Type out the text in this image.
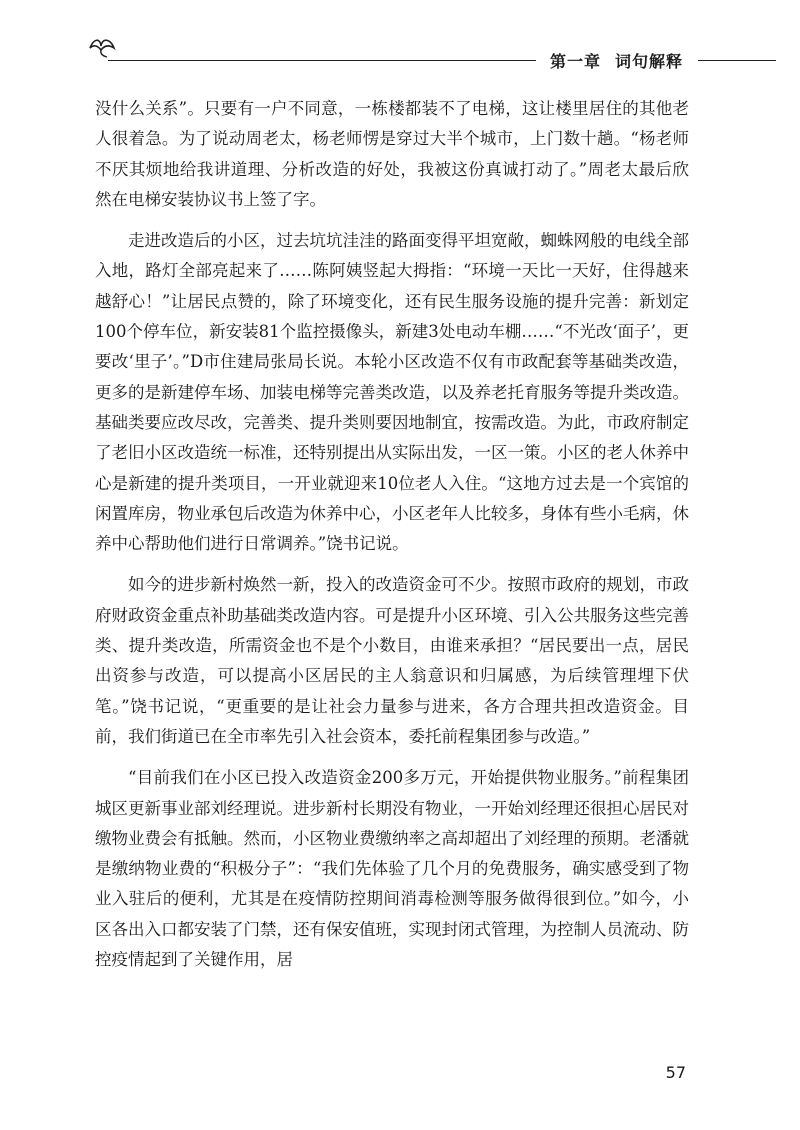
第一章 词句解释

没什么关系”。只要有一户不同意，一栋楼都装不了电梯，这让楼里居住的其他老人很着急。为了说动周老太，杨老师愣是穿过大半个城市，上门数十趟。“杨老师不厌其烦地给我讲道理、分析改造的好处，我被这份真诚打动了。”周老太最后欣然在电梯安装协议书上签了字。

走进改造后的小区，过去坑坑洼洼的路面变得平坦宽敞，蜘蛛网般的电线全部入地，路灯全部亮起来了……陈阿姨竖起大拇指：“环境一天比一天好，住得越来越舒心！”让居民点赞的，除了环境变化，还有民生服务设施的提升完善：新划定100个停车位，新安装81个监控摄像头，新建3处电动车棚……“不光改‘面子’，更要改‘里子’。”D市住建局张局长说。本轮小区改造不仅有市政配套等基础类改造，更多的是新建停车场、加装电梯等完善类改造，以及养老托育服务等提升类改造。基础类要应改尽改，完善类、提升类则要因地制宜，按需改造。为此，市政府制定了老旧小区改造统一标准，还特别提出从实际出发，一区一策。小区的老人休养中心是新建的提升类项目，一开业就迎来10位老人入住。“这地方过去是一个宾馆的闲置库房，物业承包后改造为休养中心，小区老年人比较多，身体有些小毛病，休养中心帮助他们进行日常调养。”饶书记说。

如今的进步新村焕然一新，投入的改造资金可不少。按照市政府的规划，市政府财政资金重点补助基础类改造内容。可是提升小区环境、引入公共服务这些完善类、提升类改造，所需资金也不是个小数目，由谁来承担？“居民要出一点，居民出资参与改造，可以提高小区居民的主人翁意识和归属感，为后续管理埋下伏笔。”饶书记说，“更重要的是让社会力量参与进来，各方合理共担改造资金。目前，我们街道已在全市率先引入社会资本，委托前程集团参与改造。”

“目前我们在小区已投入改造资金200多万元，开始提供物业服务。”前程集团城区更新事业部刘经理说。进步新村长期没有物业，一开始刘经理还很担心居民对缴物业费会有抵触。然而，小区物业费缴纳率之高却超出了刘经理的预期。老潘就是缴纳物业费的“积极分子”：“我们先体验了几个月的免费服务，确实感受到了物业入驻后的便利，尤其是在疫情防控期间消毒检测等服务做得很到位。”如今，小区各出入口都安装了门禁，还有保安值班，实现封闭式管理，为控制人员流动、防控疫情起到了关键作用，居

57
